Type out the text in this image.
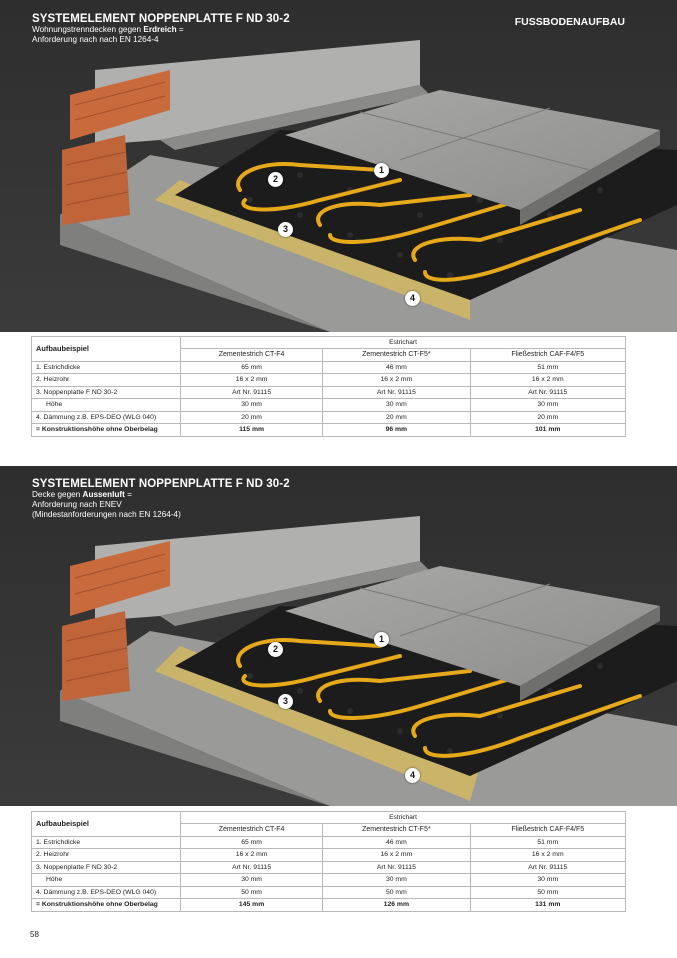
SYSTEMELEMENT NOPPENPLATTE F ND 30-2
Wohnungstrenndecken gegen Erdreich =
Anforderung nach nach EN 1264-4
FUSSBODENAUFBAU
1
2
3
4
Aufbaubeispiel	Estrichart		
	Zementestrich CT-F4	Zementestrich CT-F5*	Fließestrich CAF-F4/F5
1. Estrichdicke	65 mm	46 mm	51 mm
2. Heizrohr	16 x 2 mm	16 x 2 mm	16 x 2 mm
3. Noppenplatte F ND 30-2	Art Nr. 91115	Art Nr. 91115	Art Nr. 91115
Höhe	30 mm	30 mm	30 mm
4. Dämmung z.B. EPS-DEO (WLG 040)	20 mm	20 mm	20 mm
= Konstruktionshöhe ohne Oberbelag	115 mm	96 mm	101 mm
SYSTEMELEMENT NOPPENPLATTE F ND 30-2
Decke gegen Aussenluft =
Anforderung nach ENEV
(Mindestanforderungen nach EN 1264-4)
1
2
3
4
Aufbaubeispiel	Estrichart		
	Zementestrich CT-F4	Zementestrich CT-F5*	Fließestrich CAF-F4/F5
1. Estrichdicke	65 mm	46 mm	51 mm
2. Heizrohr	16 x 2 mm	16 x 2 mm	16 x 2 mm
3. Noppenplatte F ND 30-2	Art Nr. 91115	Art Nr. 91115	Art Nr. 91115
Höhe	30 mm	30 mm	30 mm
4. Dämmung z.B. EPS-DEO (WLG 040)	50 mm	50 mm	50 mm
= Konstruktionshöhe ohne Oberbelag	145 mm	126 mm	131 mm
58
